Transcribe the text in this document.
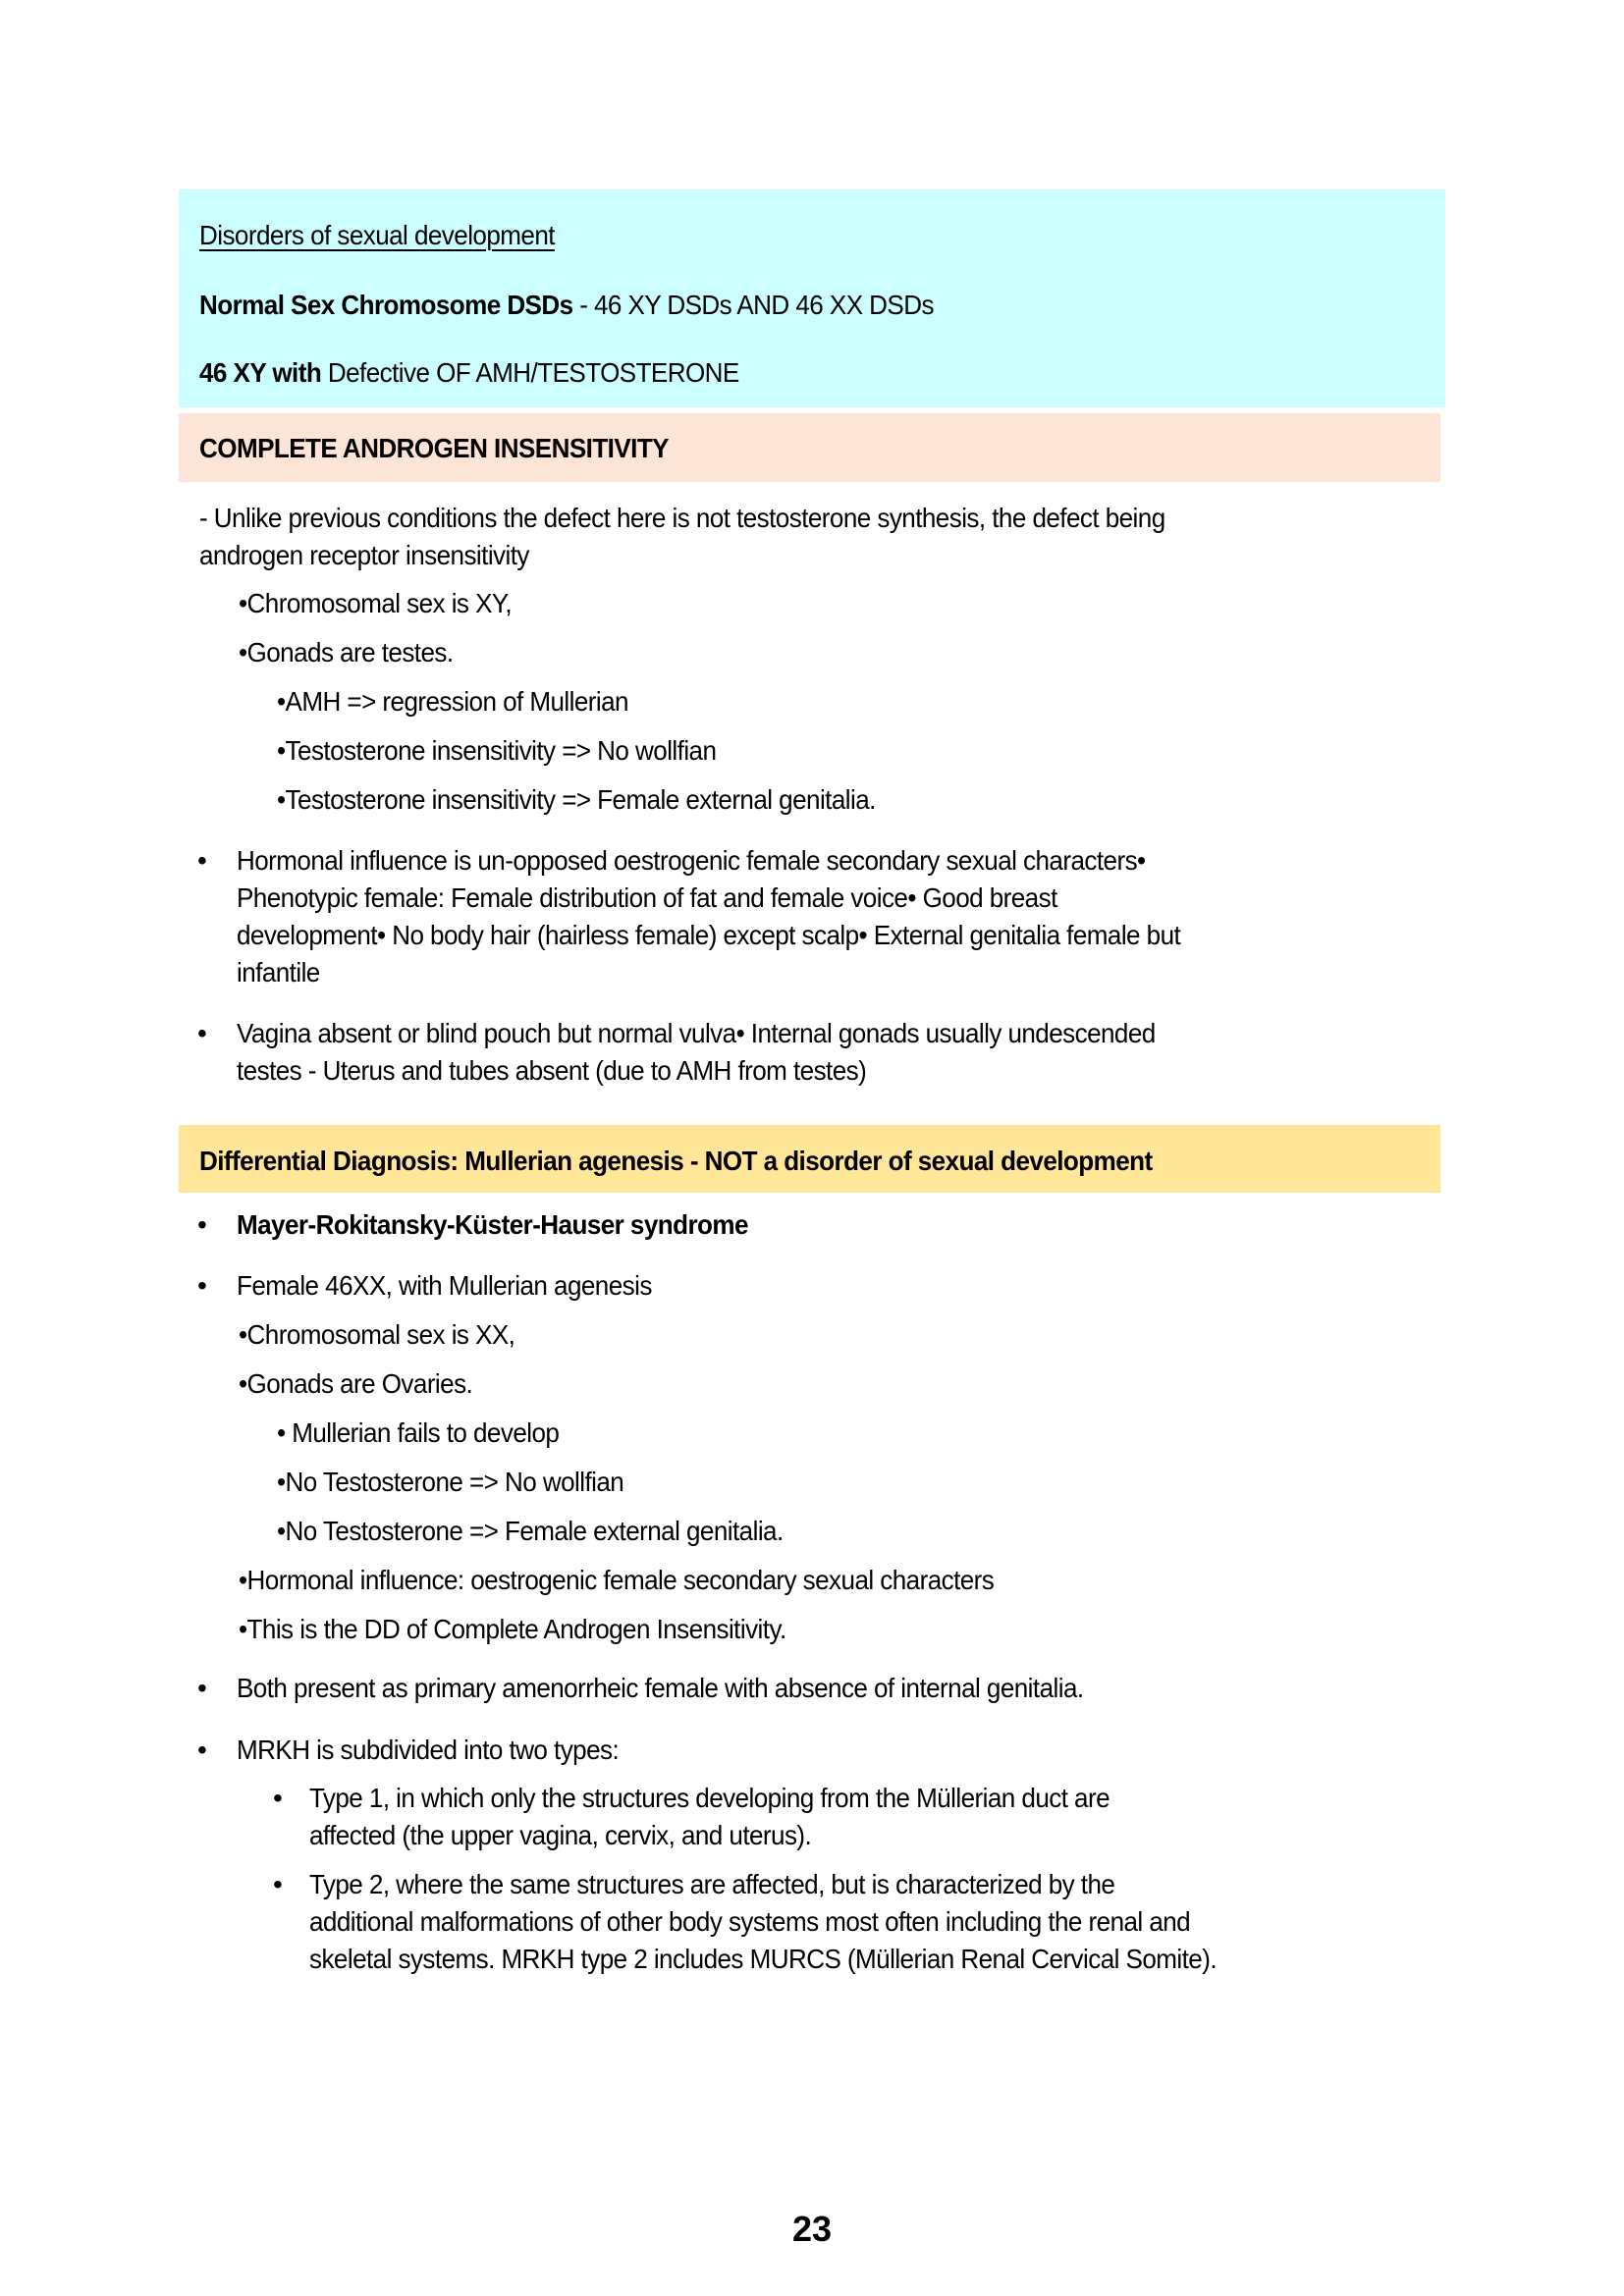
Disorders of sexual development
Normal Sex Chromosome DSDs - 46 XY DSDs AND 46 XX DSDs
46 XY with Defective OF AMH/TESTOSTERONE
COMPLETE ANDROGEN INSENSITIVITY
- Unlike previous conditions the defect here is not testosterone synthesis, the defect being
androgen receptor insensitivity
•Chromosomal sex is XY,
•Gonads are testes.
•AMH => regression of Mullerian
•Testosterone insensitivity => No wollfian
•Testosterone insensitivity => Female external genitalia.
• Hormonal influence is un-opposed oestrogenic female secondary sexual characters•
Phenotypic female: Female distribution of fat and female voice• Good breast
development• No body hair (hairless female) except scalp• External genitalia female but
infantile
• Vagina absent or blind pouch but normal vulva• Internal gonads usually undescended
testes - Uterus and tubes absent (due to AMH from testes)
Differential Diagnosis: Mullerian agenesis - NOT a disorder of sexual development
• Mayer-Rokitansky-Küster-Hauser syndrome
• Female 46XX, with Mullerian agenesis
•Chromosomal sex is XX,
•Gonads are Ovaries.
• Mullerian fails to develop
•No Testosterone => No wollfian
•No Testosterone => Female external genitalia.
•Hormonal influence: oestrogenic female secondary sexual characters
•This is the DD of Complete Androgen Insensitivity.
• Both present as primary amenorrheic female with absence of internal genitalia.
• MRKH is subdivided into two types:
• Type 1, in which only the structures developing from the Müllerian duct are
affected (the upper vagina, cervix, and uterus).
• Type 2, where the same structures are affected, but is characterized by the
additional malformations of other body systems most often including the renal and
skeletal systems. MRKH type 2 includes MURCS (Müllerian Renal Cervical Somite).
23
